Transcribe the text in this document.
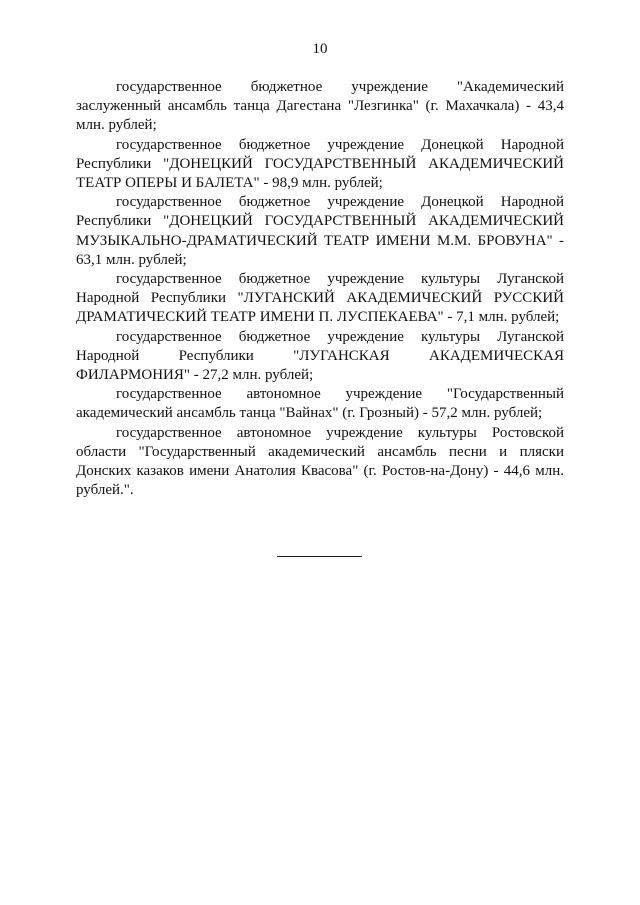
10

государственное бюджетное учреждение "Академический заслуженный ансамбль танца Дагестана "Лезгинка" (г. Махачкала) - 43,4 млн. рублей;

государственное бюджетное учреждение Донецкой Народной Республики "ДОНЕЦКИЙ ГОСУДАРСТВЕННЫЙ АКАДЕМИЧЕСКИЙ ТЕАТР ОПЕРЫ И БАЛЕТА" - 98,9 млн. рублей;

государственное бюджетное учреждение Донецкой Народной Республики "ДОНЕЦКИЙ ГОСУДАРСТВЕННЫЙ АКАДЕМИЧЕСКИЙ МУЗЫКАЛЬНО-ДРАМАТИЧЕСКИЙ ТЕАТР ИМЕНИ М.М. БРОВУНА" - 63,1 млн. рублей;

государственное бюджетное учреждение культуры Луганской Народной Республики "ЛУГАНСКИЙ АКАДЕМИЧЕСКИЙ РУССКИЙ ДРАМАТИЧЕСКИЙ ТЕАТР ИМЕНИ П. ЛУСПЕКАЕВА" - 7,1 млн. рублей;

государственное бюджетное учреждение культуры Луганской Народной Республики "ЛУГАНСКАЯ АКАДЕМИЧЕСКАЯ ФИЛАРМОНИЯ" - 27,2 млн. рублей;

государственное автономное учреждение "Государственный академический ансамбль танца "Вайнах" (г. Грозный) - 57,2 млн. рублей;

государственное автономное учреждение культуры Ростовской области "Государственный академический ансамбль песни и пляски Донских казаков имени Анатолия Квасова" (г. Ростов-на-Дону) - 44,6 млн. рублей.".
